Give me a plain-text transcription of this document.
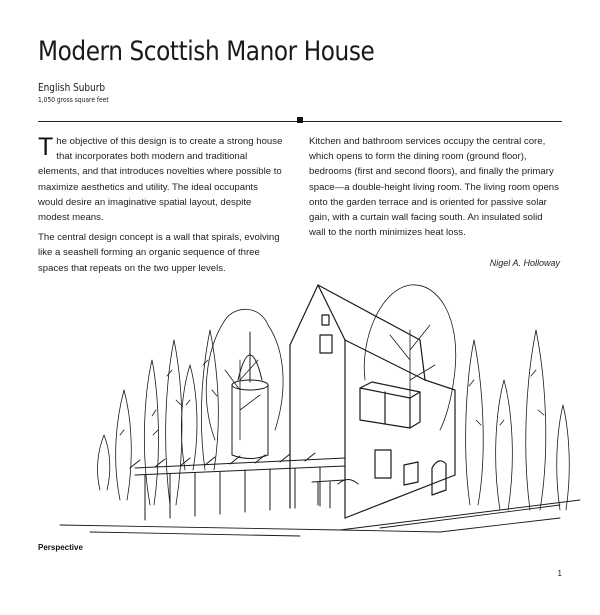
Modern Scottish Manor House
English Suburb
1,050 gross square feet

The objective of this design is to create a strong house that incorporates both modern and traditional elements, and that introduces novelties where possible to maximize aesthetics and utility. The ideal occupants would desire an imaginative spatial layout, despite modest means.

The central design concept is a wall that spirals, evolving like a seashell forming an organic sequence of three spaces that repeats on the two upper levels.

Kitchen and bathroom services occupy the central core, which opens to form the dining room (ground floor), bedrooms (first and second floors), and finally the primary space—a double-height living room. The living room opens onto the garden terrace and is oriented for passive solar gain, with a curtain wall facing south. An insulated solid wall to the north minimizes heat loss.

Nigel A. Holloway
Perspective
1
